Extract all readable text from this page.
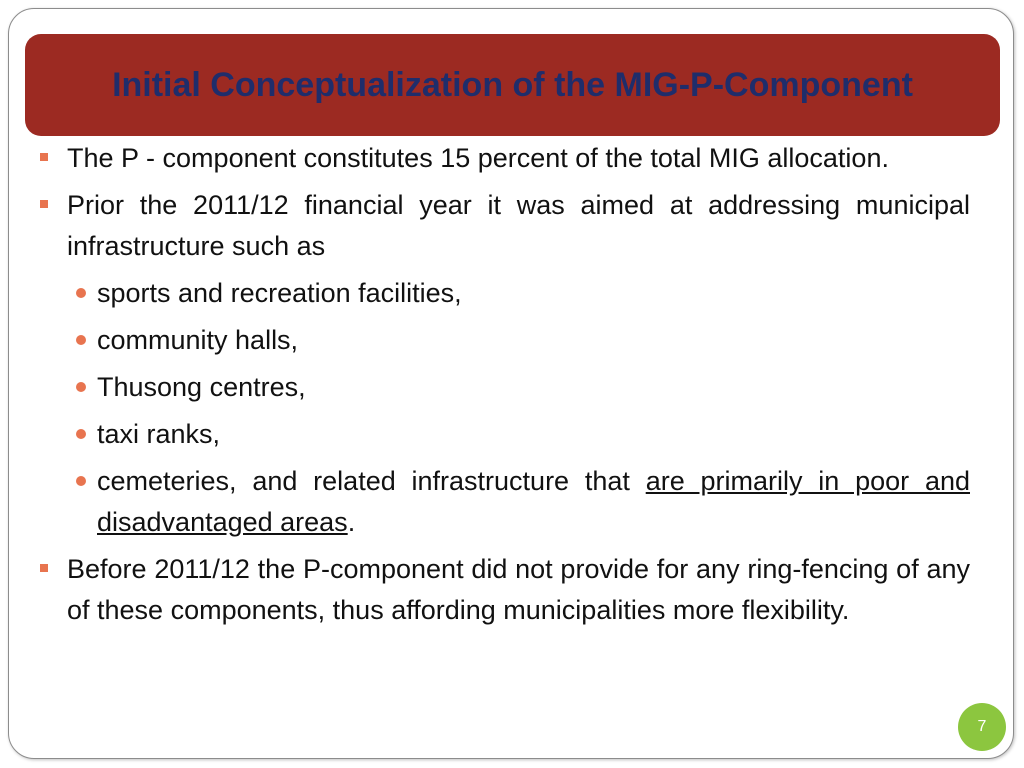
Initial Conceptualization of the MIG-P-Component
The P - component constitutes 15 percent of the total MIG allocation.
Prior the 2011/12 financial year it was aimed at addressing municipal infrastructure such as
sports and recreation facilities,
community halls,
Thusong centres,
taxi ranks,
cemeteries, and related infrastructure that are primarily in poor and disadvantaged areas.
Before 2011/12 the P-component did not provide for any ring-fencing of any of these components, thus affording municipalities more flexibility.
7
